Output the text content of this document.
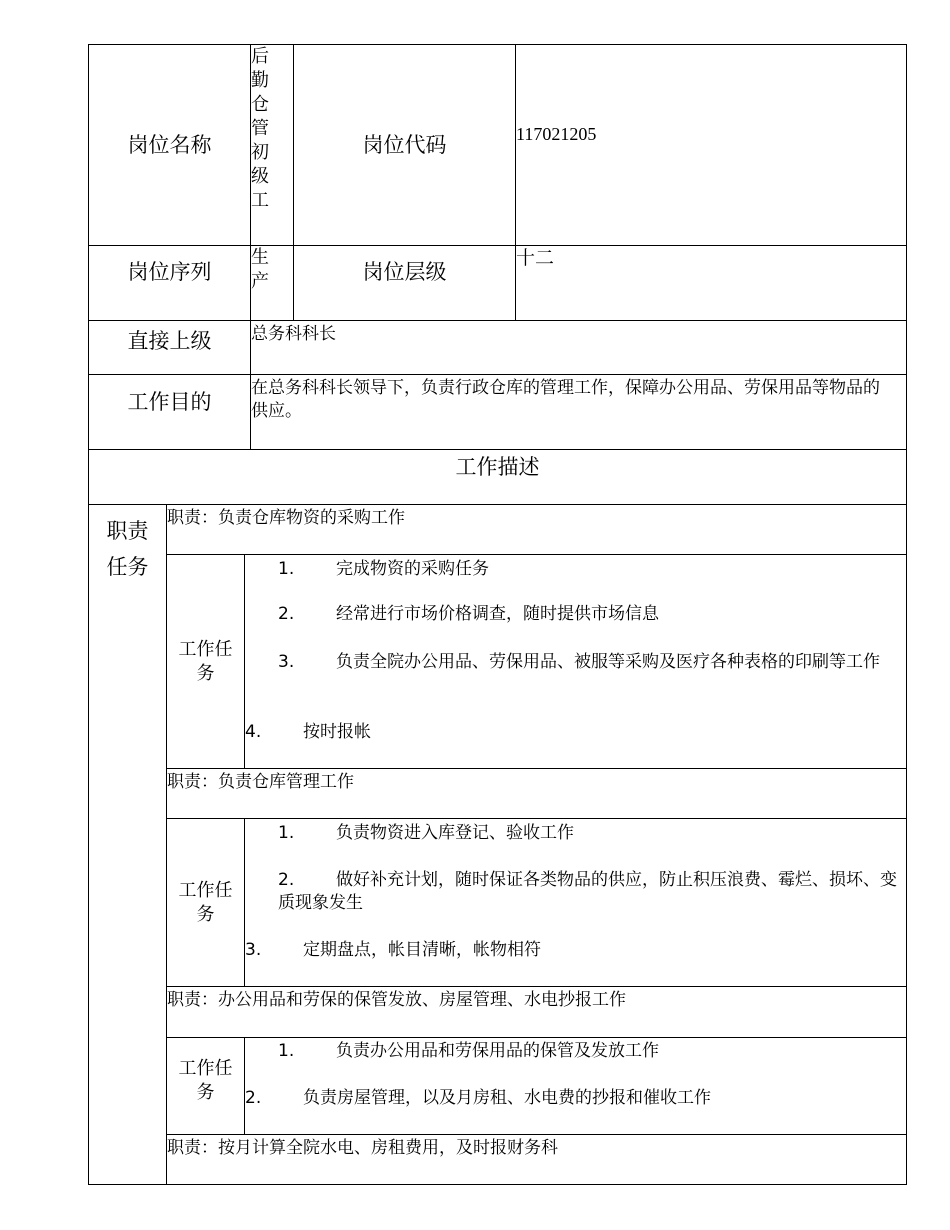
岗位名称
后勤仓管初级工
岗位代码	117021205
岗位序列
生产	岗位层级
十二
直接上级 总务科科长
工作目的
在总务科科长领导下，负责行政仓库的管理工作，保障办公用品、劳保用品等物品的供应。
工作描述
职责任务
职责：负责仓库物资的采购工作
工作任务
1. 完成物资的采购任务
2. 经常进行市场价格调查，随时提供市场信息
3. 负责全院办公用品、劳保用品、被服等采购及医疗各种表格的印刷等工作
4. 按时报帐
职责：负责仓库管理工作
工作任务
1. 负责物资进入库登记、验收工作
2. 做好补充计划，随时保证各类物品的供应，防止积压浪费、霉烂、损坏、变质现象发生
3. 定期盘点，帐目清晰，帐物相符
职责：办公用品和劳保的保管发放、房屋管理、水电抄报工作
工作任务
1. 负责办公用品和劳保用品的保管及发放工作
2. 负责房屋管理，以及月房租、水电费的抄报和催收工作
职责：按月计算全院水电、房租费用，及时报财务科
